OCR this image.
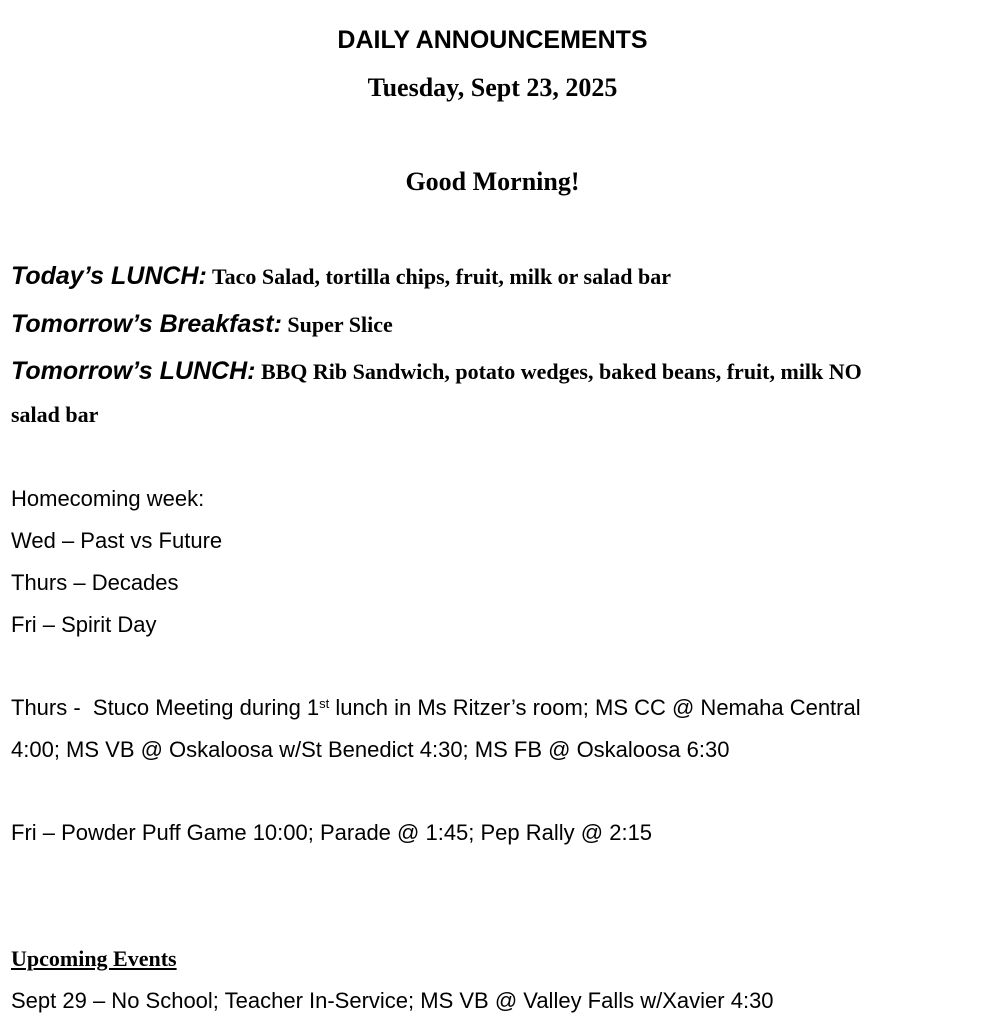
DAILY ANNOUNCEMENTS
Tuesday, Sept 23, 2025
Good Morning!
Today’s LUNCH: Taco Salad, tortilla chips, fruit, milk or salad bar
Tomorrow’s Breakfast: Super Slice
Tomorrow’s LUNCH: BBQ Rib Sandwich, potato wedges, baked beans, fruit, milk NO
salad bar
Homecoming week:
Wed – Past vs Future
Thurs – Decades
Fri – Spirit Day
Thurs -  Stuco Meeting during 1st lunch in Ms Ritzer’s room; MS CC @ Nemaha Central
4:00; MS VB @ Oskaloosa w/St Benedict 4:30; MS FB @ Oskaloosa 6:30
Fri – Powder Puff Game 10:00; Parade @ 1:45; Pep Rally @ 2:15
Upcoming Events
Sept 29 – No School; Teacher In-Service; MS VB @ Valley Falls w/Xavier 4:30
